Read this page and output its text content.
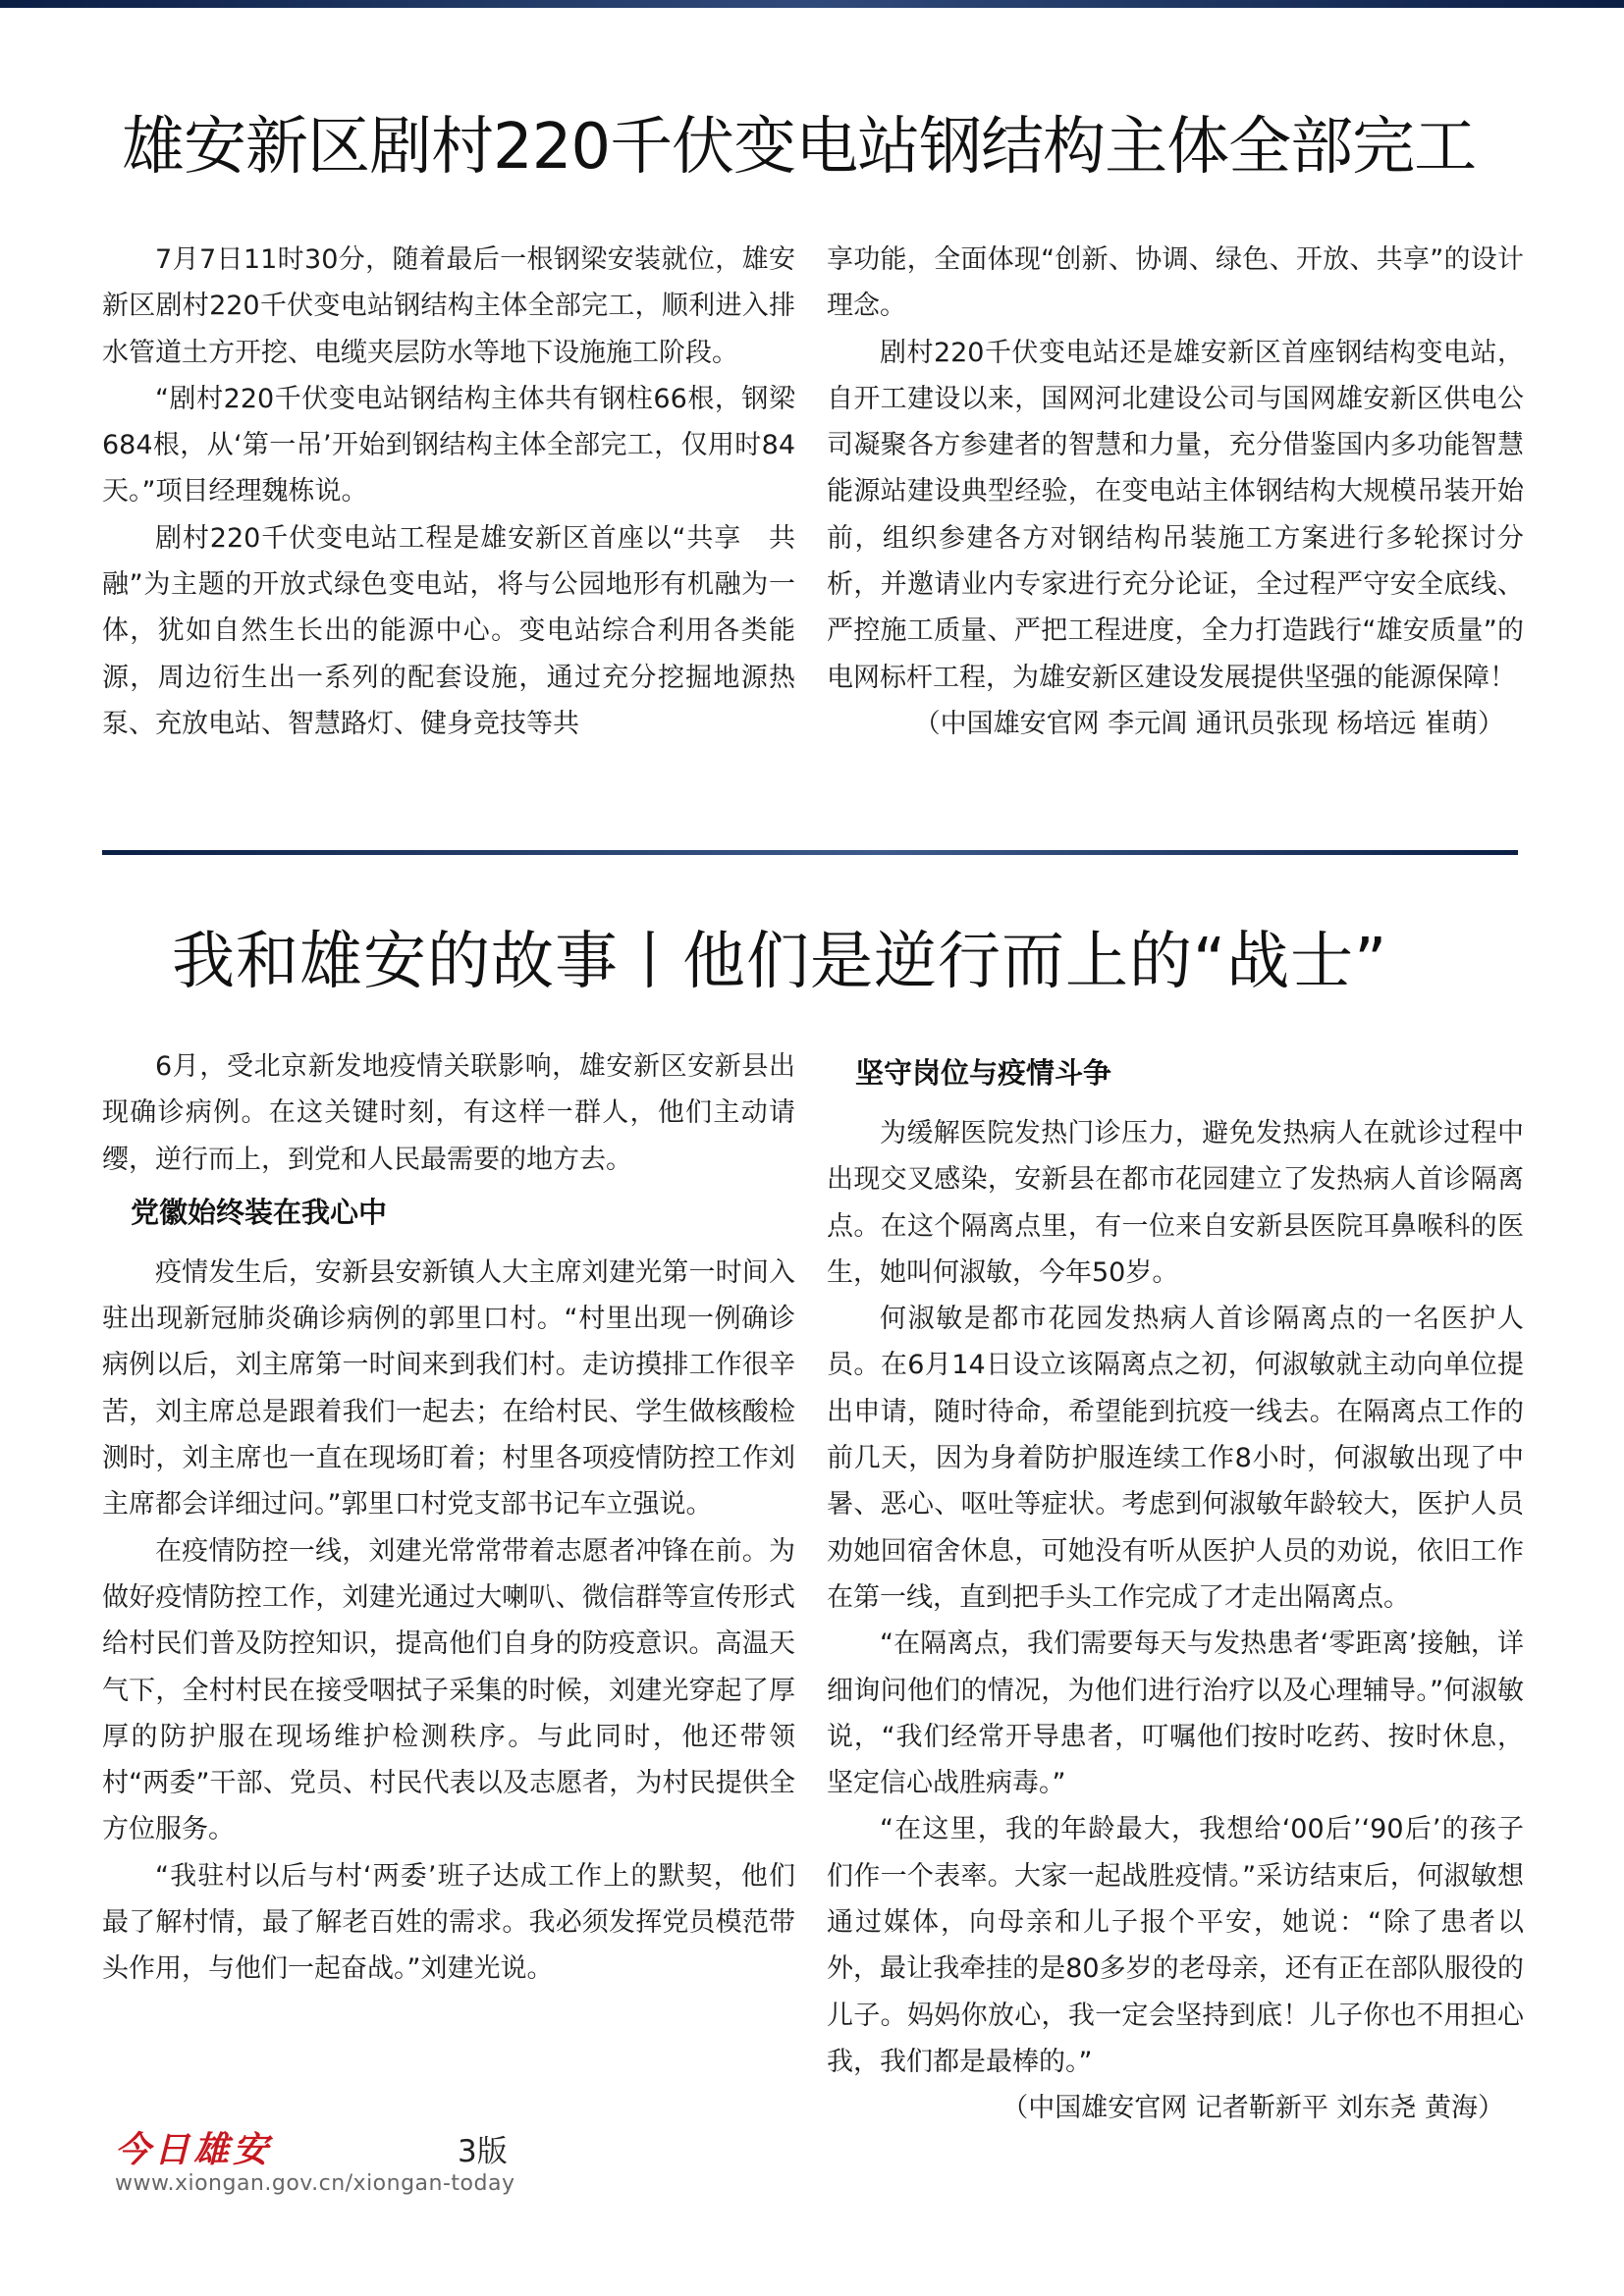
雄安新区剧村220千伏变电站钢结构主体全部完工

7月7日11时30分，随着最后一根钢梁安装就位，雄安新区剧村220千伏变电站钢结构主体全部完工，顺利进入排水管道土方开挖、电缆夹层防水等地下设施施工阶段。

“剧村220千伏变电站钢结构主体共有钢柱66根，钢梁684根，从‘第一吊’开始到钢结构主体全部完工，仅用时84天。”项目经理魏栋说。

剧村220千伏变电站工程是雄安新区首座以“共享　共融”为主题的开放式绿色变电站，将与公园地形有机融为一体，犹如自然生长出的能源中心。变电站综合利用各类能源，周边衍生出一系列的配套设施，通过充分挖掘地源热泵、充放电站、智慧路灯、健身竞技等共

享功能，全面体现“创新、协调、绿色、开放、共享”的设计理念。

剧村220千伏变电站还是雄安新区首座钢结构变电站，自开工建设以来，国网河北建设公司与国网雄安新区供电公司凝聚各方参建者的智慧和力量，充分借鉴国内多功能智慧能源站建设典型经验，在变电站主体钢结构大规模吊装开始前，组织参建各方对钢结构吊装施工方案进行多轮探讨分析，并邀请业内专家进行充分论证，全过程严守安全底线、严控施工质量、严把工程进度，全力打造践行“雄安质量”的电网标杆工程，为雄安新区建设发展提供坚强的能源保障！

（中国雄安官网 李元阊 通讯员张现 杨培远 崔萌）

我和雄安的故事丨他们是逆行而上的“战士”

6月，受北京新发地疫情关联影响，雄安新区安新县出现确诊病例。在这关键时刻，有这样一群人，他们主动请缨，逆行而上，到党和人民最需要的地方去。

党徽始终装在我心中

疫情发生后，安新县安新镇人大主席刘建光第一时间入驻出现新冠肺炎确诊病例的郭里口村。“村里出现一例确诊病例以后，刘主席第一时间来到我们村。走访摸排工作很辛苦，刘主席总是跟着我们一起去；在给村民、学生做核酸检测时，刘主席也一直在现场盯着；村里各项疫情防控工作刘主席都会详细过问。”郭里口村党支部书记车立强说。

在疫情防控一线，刘建光常常带着志愿者冲锋在前。为做好疫情防控工作，刘建光通过大喇叭、微信群等宣传形式给村民们普及防控知识，提高他们自身的防疫意识。高温天气下，全村村民在接受咽拭子采集的时候，刘建光穿起了厚厚的防护服在现场维护检测秩序。与此同时，他还带领村“两委”干部、党员、村民代表以及志愿者，为村民提供全方位服务。

“我驻村以后与村‘两委’班子达成工作上的默契，他们最了解村情，最了解老百姓的需求。我必须发挥党员模范带头作用，与他们一起奋战。”刘建光说。

坚守岗位与疫情斗争

为缓解医院发热门诊压力，避免发热病人在就诊过程中出现交叉感染，安新县在都市花园建立了发热病人首诊隔离点。在这个隔离点里，有一位来自安新县医院耳鼻喉科的医生，她叫何淑敏，今年50岁。

何淑敏是都市花园发热病人首诊隔离点的一名医护人员。在6月14日设立该隔离点之初，何淑敏就主动向单位提出申请，随时待命，希望能到抗疫一线去。在隔离点工作的前几天，因为身着防护服连续工作8小时，何淑敏出现了中暑、恶心、呕吐等症状。考虑到何淑敏年龄较大，医护人员劝她回宿舍休息，可她没有听从医护人员的劝说，依旧工作在第一线，直到把手头工作完成了才走出隔离点。

“在隔离点，我们需要每天与发热患者‘零距离’接触，详细询问他们的情况，为他们进行治疗以及心理辅导。”何淑敏说，“我们经常开导患者，叮嘱他们按时吃药、按时休息，坚定信心战胜病毒。”

“在这里，我的年龄最大，我想给‘00后’‘90后’的孩子们作一个表率。大家一起战胜疫情。”采访结束后，何淑敏想通过媒体，向母亲和儿子报个平安，她说：“除了患者以外，最让我牵挂的是80多岁的老母亲，还有正在部队服役的儿子。妈妈你放心，我一定会坚持到底！儿子你也不用担心我，我们都是最棒的。”

（中国雄安官网 记者靳新平 刘东尧 黄海）

今日雄安	3版
www.xiongan.gov.cn/xiongan-today
